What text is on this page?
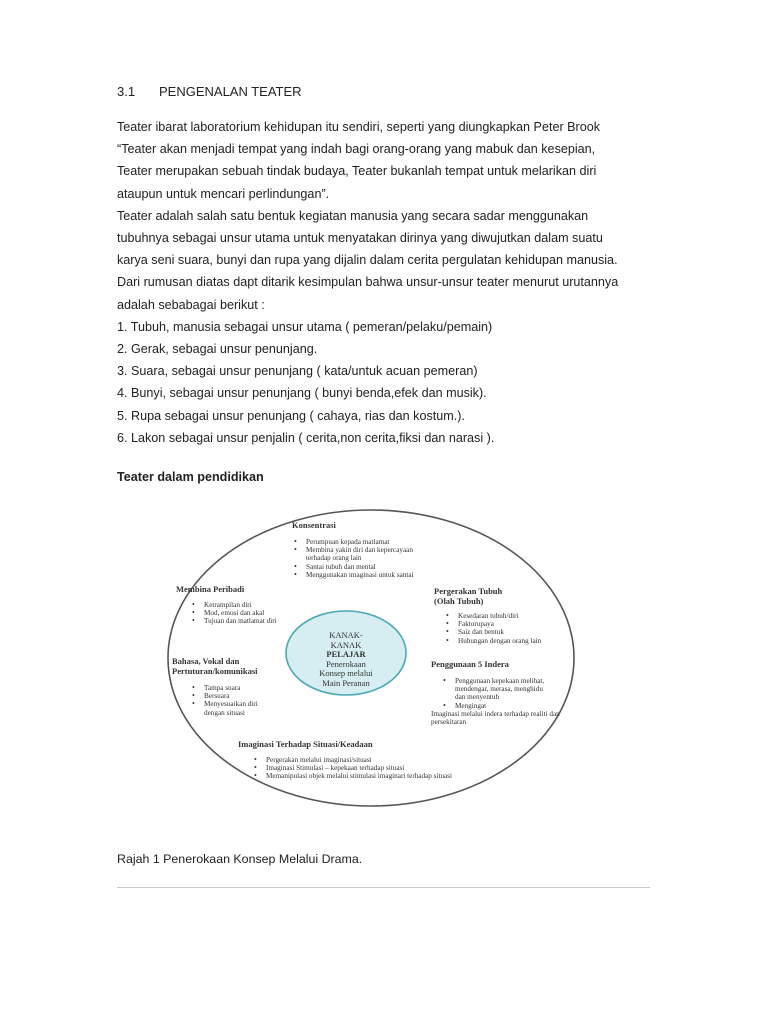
3.1 PENGENALAN TEATER
Teater ibarat laboratorium kehidupan itu sendiri, seperti yang diungkapkan Peter Brook
“Teater akan menjadi tempat yang indah bagi orang-orang yang mabuk dan kesepian,
Teater merupakan sebuah tindak budaya, Teater bukanlah tempat untuk melarikan diri
ataupun untuk mencari perlindungan”.
Teater adalah salah satu bentuk kegiatan manusia yang secara sadar menggunakan
tubuhnya sebagai unsur utama untuk menyatakan dirinya yang diwujutkan dalam suatu
karya seni suara, bunyi dan rupa yang dijalin dalam cerita pergulatan kehidupan manusia.
Dari rumusan diatas dapt ditarik kesimpulan bahwa unsur-unsur teater menurut urutannya
adalah sebabagai berikut :
1. Tubuh, manusia sebagai unsur utama ( pemeran/pelaku/pemain)
2. Gerak, sebagai unsur penunjang.
3. Suara, sebagai unsur penunjang ( kata/untuk acuan pemeran)
4. Bunyi, sebagai unsur penunjang ( bunyi benda,efek dan musik).
5. Rupa sebagai unsur penunjang ( cahaya, rias dan kostum.).
6. Lakon sebagai unsur penjalin ( cerita,non cerita,fiksi dan narasi ).
Teater dalam pendidikan
KANAK-
KANAK
PELAJAR
Penerokaan
Konsep melalui
Main Peranan
Konsentrasi
• Perumpuan kepada matlamat
• Membina yakin diri dan kepercayaan terhadap orang lain
• Santai tubuh dan mental
• Menggunakan imaginasi untuk santai
Membina Peribadi
• Ketrampilan diri
• Mod, emosi dan akal
• Tujuan dan matlamat diri
Bahasa, Vokal dan
Pertuturan/komunikasi
• Tampa suara
• Bersuara
• Menyesuaikan diri dengan situasi
Pergerakan Tubuh
(Olah Tubuh)
• Kesedaran tubuh/diri
• Faktorupaya
• Saiz dan bentuk
• Hubungan dengan orang lain
Penggunaan 5 Indera
• Penggunaan kepekaan melihat, mendengar, merasa, menghidu dan menyentuh
• Mengingat
Imaginasi melalui indera terhadap realiti dan persekitaran
Imaginasi Terhadap Situasi/Keadaan
• Pergerakan melalui imaginasi/situasi
• Imaginasi Stimulasi – kepekaan terhadap situasi
• Memanipulasi objek melalui stimulasi imaginari terhadap situasi
Rajah 1 Penerokaan Konsep Melalui Drama.
